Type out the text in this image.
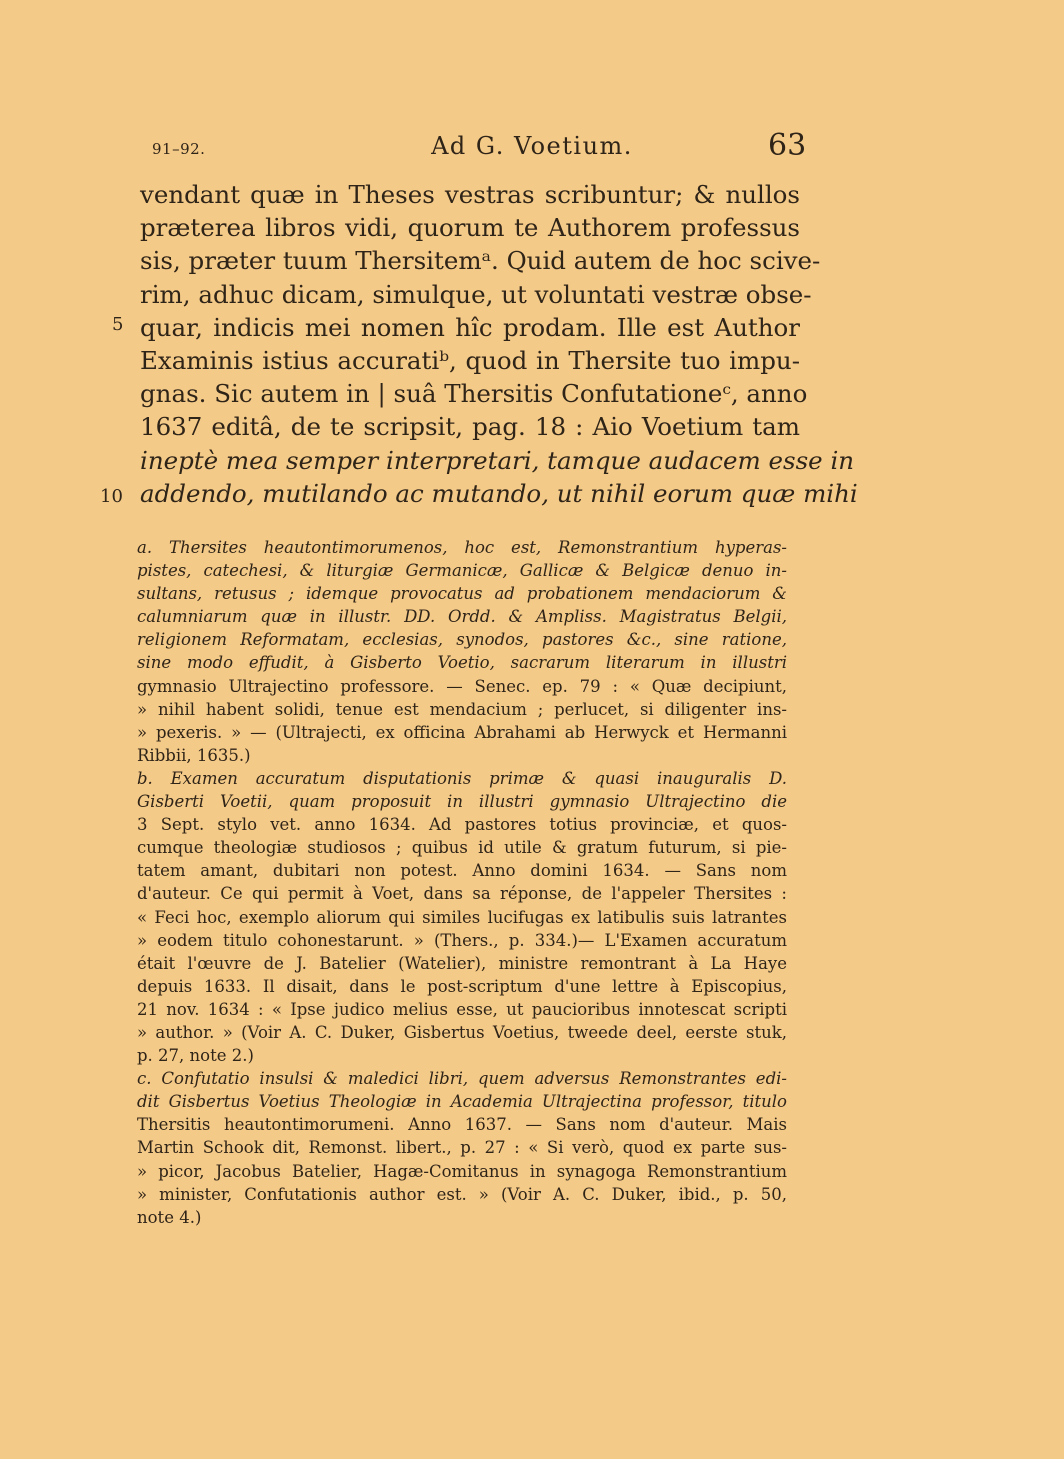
91–92.	Ad G. Voetium.	63
5
10
vendant quæ in Theses vestras scribuntur; & nullos
præterea libros vidi, quorum te Authorem professus
sis, præter tuum Thersitemᵃ. Quid autem de hoc scive-
rim, adhuc dicam, simulque, ut voluntati vestræ obse-
quar, indicis mei nomen hîc prodam. Ille est Author
Examinis istius accuratiᵇ, quod in Thersite tuo impu-
gnas. Sic autem in | suâ Thersitis Confutationeᶜ, anno
1637 editâ, de te scripsit, pag. 18 : Aio Voetium tam
ineptè mea semper interpretari, tamque audacem esse in
addendo, mutilando ac mutando, ut nihil eorum quæ mihi
a. Thersites heautontimorumenos, hoc est, Remonstrantium hyperas-
pistes, catechesi, & liturgiæ Germanicæ, Gallicæ & Belgicæ denuo in-
sultans, retusus ; idemque provocatus ad probationem mendaciorum &
calumniarum quæ in illustr. DD. Ordd. & Ampliss. Magistratus Belgii,
religionem Reformatam, ecclesias, synodos, pastores &c., sine ratione,
sine modo effudit, à Gisberto Voetio, sacrarum literarum in illustri
gymnasio Ultrajectino professore. — Senec. ep. 79 : « Quæ decipiunt,
» nihil habent solidi, tenue est mendacium ; perlucet, si diligenter ins-
» pexeris. » — (Ultrajecti, ex officina Abrahami ab Herwyck et Hermanni
Ribbii, 1635.)
b. Examen accuratum disputationis primæ & quasi inauguralis D.
Gisberti Voetii, quam proposuit in illustri gymnasio Ultrajectino die
3 Sept. stylo vet. anno 1634. Ad pastores totius provinciæ, et quos-
cumque theologiæ studiosos ; quibus id utile & gratum futurum, si pie-
tatem amant, dubitari non potest. Anno domini 1634. — Sans nom
d'auteur. Ce qui permit à Voet, dans sa réponse, de l'appeler Thersites :
« Feci hoc, exemplo aliorum qui similes lucifugas ex latibulis suis latrantes
» eodem titulo cohonestarunt. » (Thers., p. 334.)— L'Examen accuratum
était l'œuvre de J. Batelier (Watelier), ministre remontrant à La Haye
depuis 1633. Il disait, dans le post-scriptum d'une lettre à Episcopius,
21 nov. 1634 : « Ipse judico melius esse, ut paucioribus innotescat scripti
» author. » (Voir A. C. Duker, Gisbertus Voetius, tweede deel, eerste stuk,
p. 27, note 2.)
c. Confutatio insulsi & maledici libri, quem adversus Remonstrantes edi-
dit Gisbertus Voetius Theologiæ in Academia Ultrajectina professor, titulo
Thersitis heautontimorumeni. Anno 1637. — Sans nom d'auteur. Mais
Martin Schook dit, Remonst. libert., p. 27 : « Si verò, quod ex parte sus-
» picor, Jacobus Batelier, Hagæ-Comitanus in synagoga Remonstrantium
» minister, Confutationis author est. » (Voir A. C. Duker, ibid., p. 50,
note 4.)
